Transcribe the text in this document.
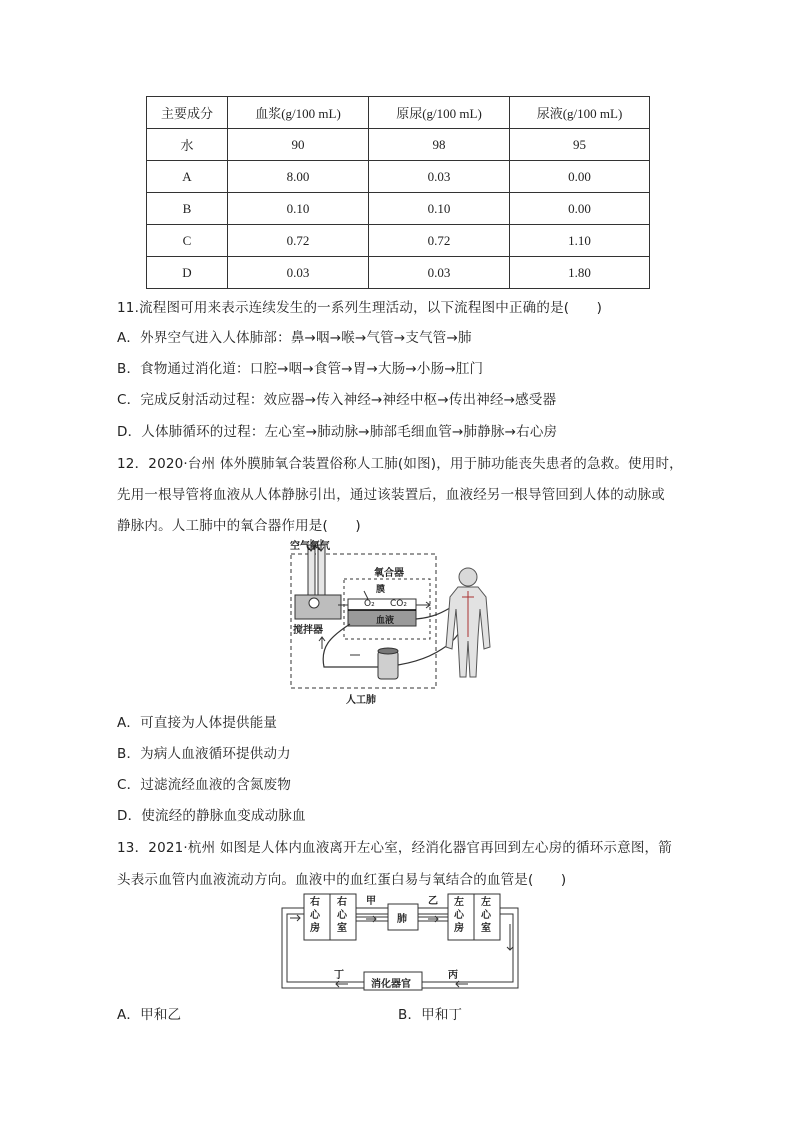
主要成分	血浆(g/100 mL)	原尿(g/100 mL)	尿液(g/100 mL)
水	90	98	95
A	8.00	0.03	0.00
B	0.10	0.10	0.00
C	0.72	0.72	1.10
D	0.03	0.03	1.80
11.流程图可用来表示连续发生的一系列生理活动，以下流程图中正确的是(　　)
A．外界空气进入人体肺部：鼻→咽→喉→气管→支气管→肺
B．食物通过消化道：口腔→咽→食管→胃→大肠→小肠→肛门
C．完成反射活动过程：效应器→传入神经→神经中枢→传出神经→感受器
D．人体肺循环的过程：左心室→肺动脉→肺部毛细血管→肺静脉→右心房
12．2020·台州 体外膜肺氧合装置俗称人工肺(如图)，用于肺功能丧失患者的急救。使用时，
先用一根导管将血液从人体静脉引出，通过该装置后，血液经另一根导管回到人体的动脉或
静脉内。人工肺中的氧合器作用是(　　)
空气氧气
氧合器
膜
O₂ CO₂
血液
搅拌器
人工肺
A．可直接为人体提供能量
B．为病人血液循环提供动力
C．过滤流经血液的含氮废物
D．使流经的静脉血变成动脉血
13．2021·杭州 如图是人体内血液离开左心室，经消化器官再回到左心房的循环示意图，箭
头表示血管内血液流动方向。血液中的血红蛋白易与氧结合的血管是(　　)
右
心
房
右
心
室
左
心
房
左
心
室
肺
甲	乙
丙
丁
消化器官
A．甲和乙	B．甲和丁
